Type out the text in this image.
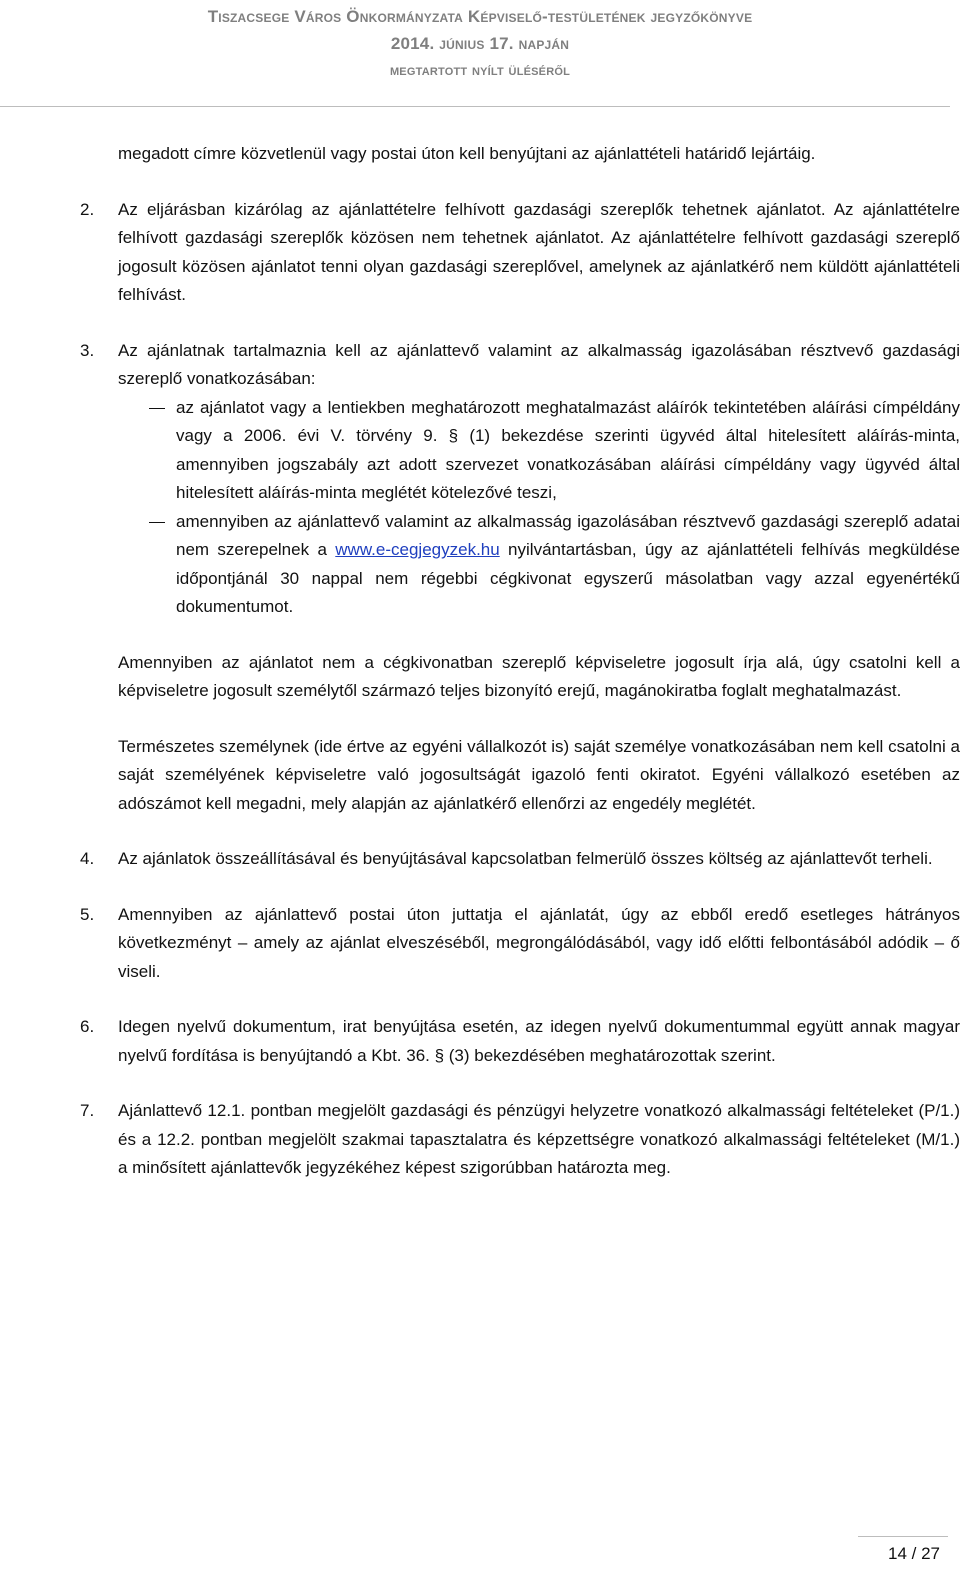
Tiszacsege Város Önkormányzata Képviselő-testületének jegyzőkönyve
2014. június 17. napján
megtartott nyílt üléséről

megadott címre közvetlenül vagy postai úton kell benyújtani az ajánlattételi határidő lejártáig.

2. Az eljárásban kizárólag az ajánlattételre felhívott gazdasági szereplők tehetnek ajánlatot. Az ajánlattételre felhívott gazdasági szereplők közösen nem tehetnek ajánlatot. Az ajánlattételre felhívott gazdasági szereplő jogosult közösen ajánlatot tenni olyan gazdasági szereplővel, amelynek az ajánlatkérő nem küldött ajánlattételi felhívást.

3. Az ajánlatnak tartalmaznia kell az ajánlattevő valamint az alkalmasság igazolásában résztvevő gazdasági szereplő vonatkozásában:

az ajánlatot vagy a lentiekben meghatározott meghatalmazást aláírók tekintetében aláírási címpéldány vagy a 2006. évi V. törvény 9. § (1) bekezdése szerinti ügyvéd által hitelesített aláírás-minta, amennyiben jogszabály azt adott szervezet vonatkozásában aláírási címpéldány vagy ügyvéd által hitelesített aláírás-minta meglétét kötelezővé teszi,

amennyiben az ajánlattevő valamint az alkalmasság igazolásában résztvevő gazdasági szereplő adatai nem szerepelnek a www.e-cegjegyzek.hu nyilvántartásban, úgy az ajánlattételi felhívás megküldése időpontjánál 30 nappal nem régebbi cégkivonat egyszerű másolatban vagy azzal egyenértékű dokumentumot.

Amennyiben az ajánlatot nem a cégkivonatban szereplő képviseletre jogosult írja alá, úgy csatolni kell a képviseletre jogosult személytől származó teljes bizonyító erejű, magánokiratba foglalt meghatalmazást.

Természetes személynek (ide értve az egyéni vállalkozót is) saját személye vonatkozásában nem kell csatolni a saját személyének képviseletre való jogosultságát igazoló fenti okiratot. Egyéni vállalkozó esetében az adószámot kell megadni, mely alapján az ajánlatkérő ellenőrzi az engedély meglétét.

4. Az ajánlatok összeállításával és benyújtásával kapcsolatban felmerülő összes költség az ajánlattevőt terheli.

5. Amennyiben az ajánlattevő postai úton juttatja el ajánlatát, úgy az ebből eredő esetleges hátrányos következményt – amely az ajánlat elveszéséből, megrongálódásából, vagy idő előtti felbontásából adódik – ő viseli.

6. Idegen nyelvű dokumentum, irat benyújtása esetén, az idegen nyelvű dokumentummal együtt annak magyar nyelvű fordítása is benyújtandó a Kbt. 36. § (3) bekezdésében meghatározottak szerint.

7. Ajánlattevő 12.1. pontban megjelölt gazdasági és pénzügyi helyzetre vonatkozó alkalmassági feltételeket (P/1.) és a 12.2. pontban megjelölt szakmai tapasztalatra és képzettségre vonatkozó alkalmassági feltételeket (M/1.) a minősített ajánlattevők jegyzékéhez képest szigorúbban határozta meg.

14 / 27
